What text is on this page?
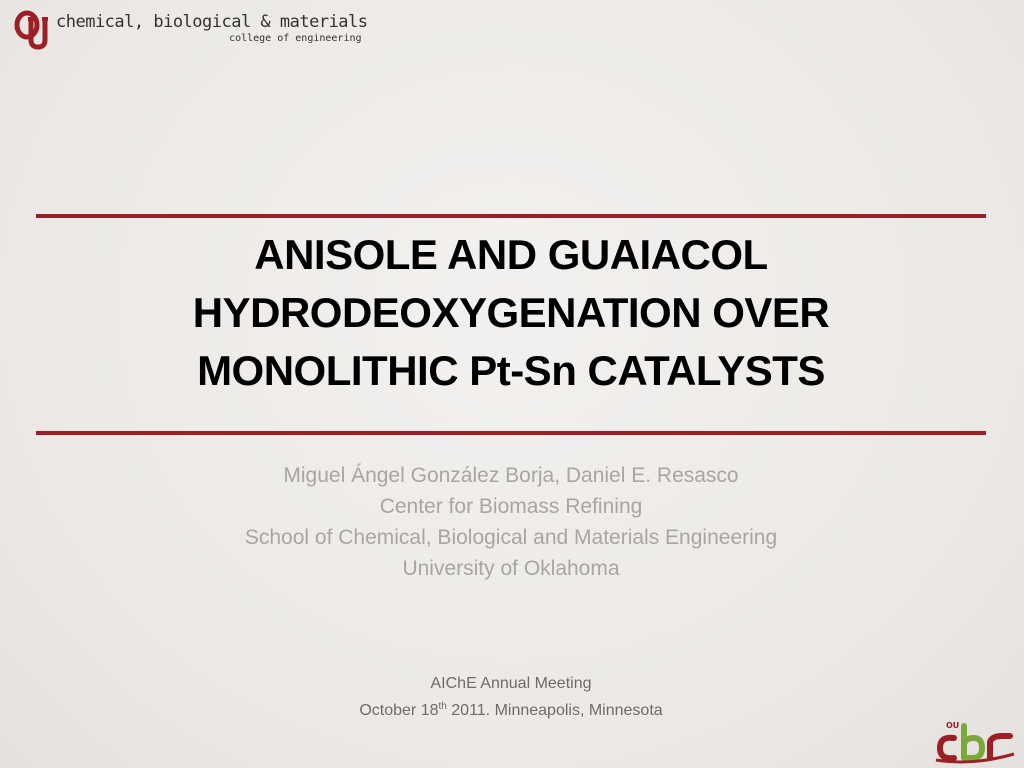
chemical, biological & materials
college of engineering
ANISOLE AND GUAIACOL
HYDRODEOXYGENATION OVER
MONOLITHIC Pt-Sn CATALYSTS
Miguel Ángel González Borja, Daniel E. Resasco
Center for Biomass Refining
School of Chemical, Biological and Materials Engineering
University of Oklahoma
AIChE Annual Meeting
October 18th 2011. Minneapolis, Minnesota
OU
